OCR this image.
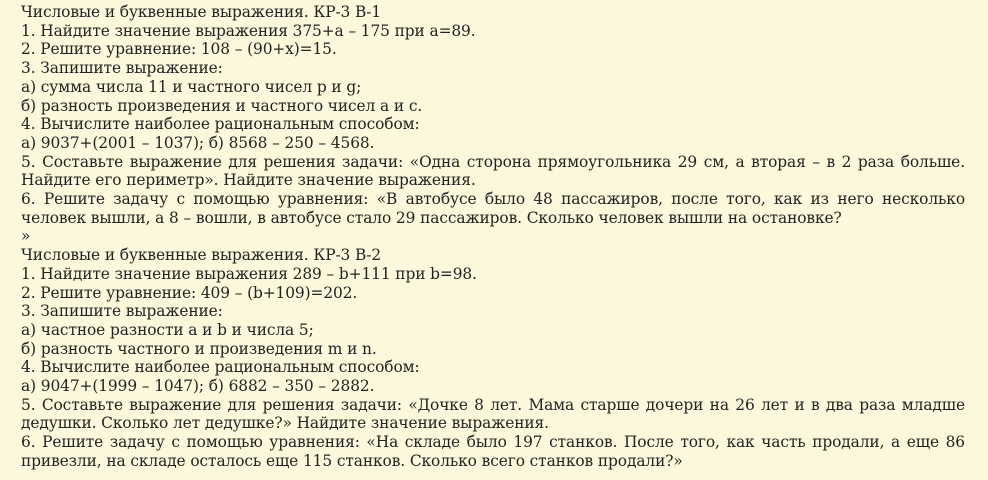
Числовые и буквенные выражения. КР-3 В-1
1. Найдите значение выражения 375+a – 175 при a=89.
2. Решите уравнение: 108 – (90+x)=15.
3. Запишите выражение:
а) сумма числа 11 и частного чисел p и g;
б) разность произведения и частного чисел a и c.
4. Вычислите наиболее рациональным способом:
а) 9037+(2001 – 1037); б) 8568 – 250 – 4568.
5. Составьте выражение для решения задачи: «Одна сторона прямоугольника 29 см, а вторая – в 2 раза больше.
Найдите его периметр». Найдите значение выражения.
6. Решите задачу с помощью уравнения: «В автобусе было 48 пассажиров, после того, как из него несколько
человек вышли, а 8 – вошли, в автобусе стало 29 пассажиров. Сколько человек вышли на остановке?
»
Числовые и буквенные выражения. КР-3 В-2
1. Найдите значение выражения 289 – b+111 при b=98.
2. Решите уравнение: 409 – (b+109)=202.
3. Запишите выражение:
а) частное разности a и b и числа 5;
б) разность частного и произведения m и n.
4. Вычислите наиболее рациональным способом:
а) 9047+(1999 – 1047); б) 6882 – 350 – 2882.
5. Составьте выражение для решения задачи: «Дочке 8 лет. Мама старше дочери на 26 лет и в два раза младше
дедушки. Сколько лет дедушке?» Найдите значение выражения.
6. Решите задачу с помощью уравнения: «На складе было 197 станков. После того, как часть продали, а еще 86
привезли, на складе осталось еще 115 станков. Сколько всего станков продали?»
